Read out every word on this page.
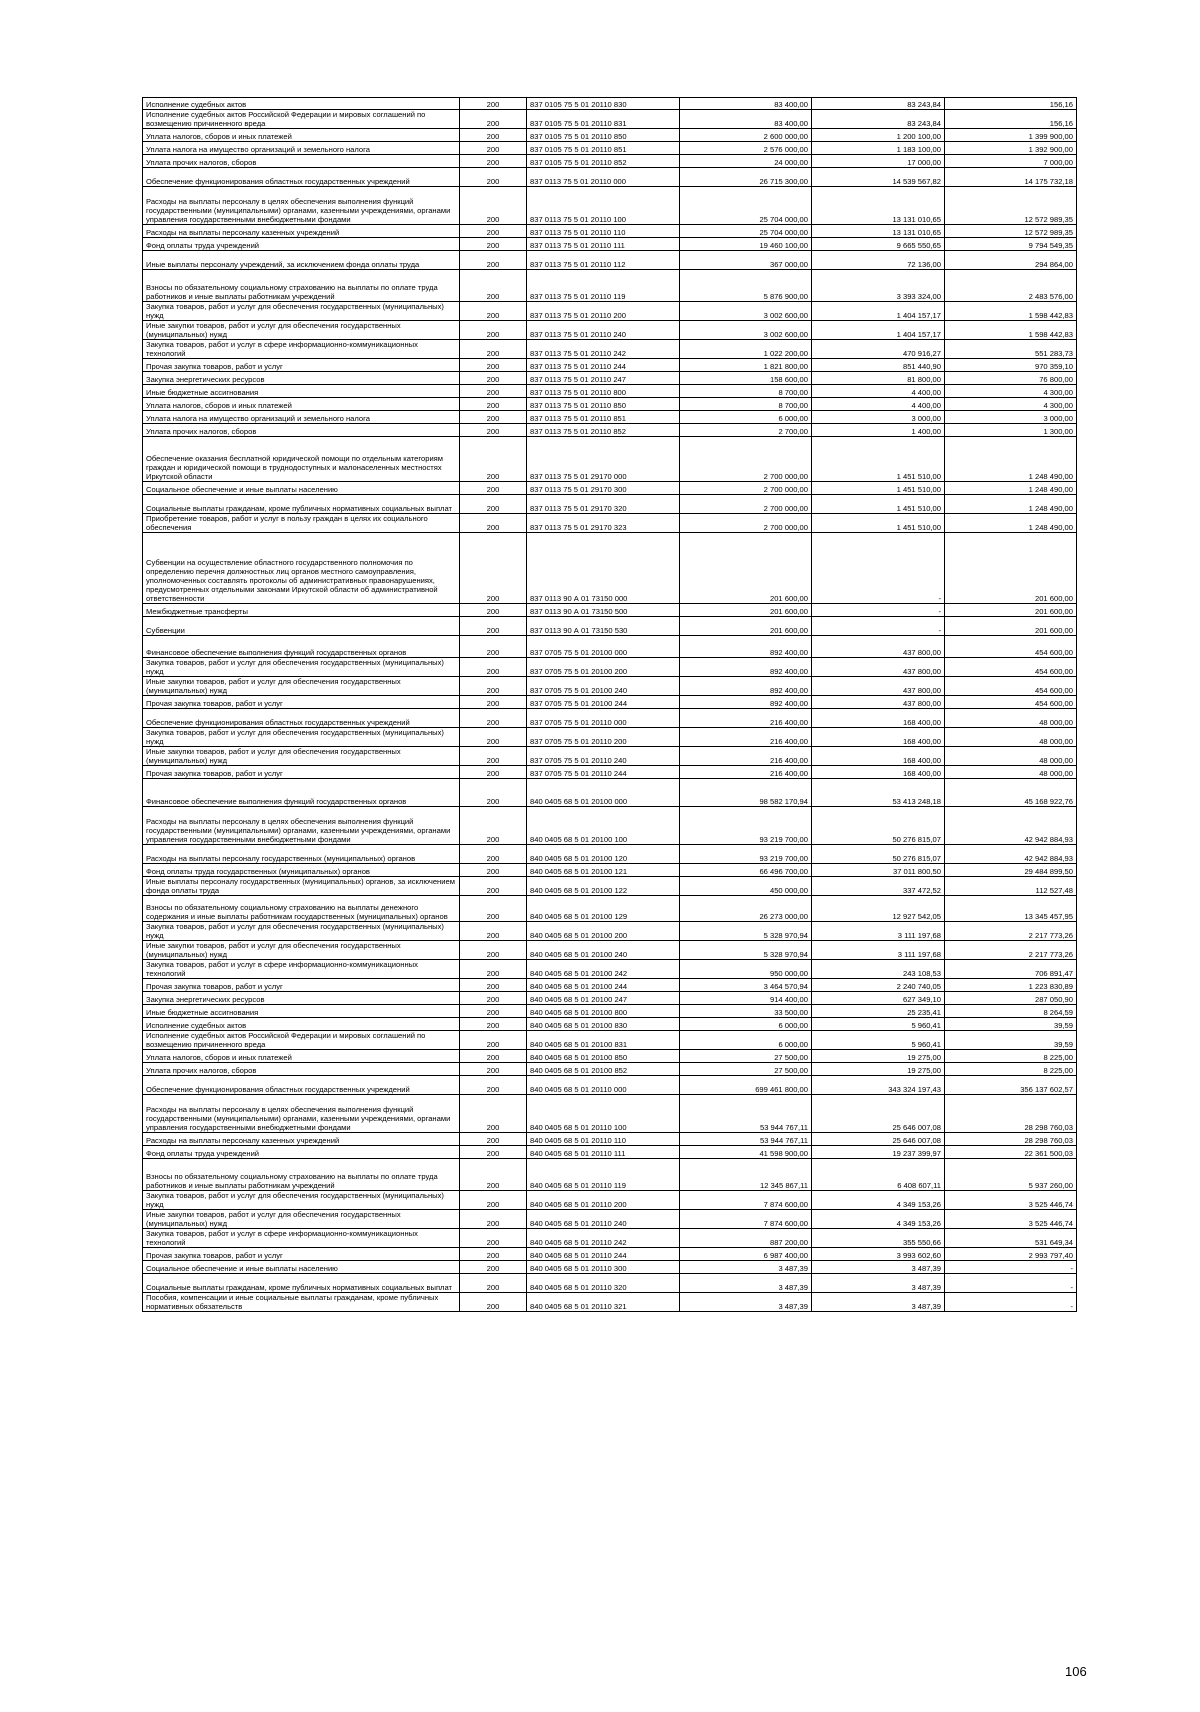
Исполнение судебных актов	200	837 0105 75 5 01 20110 830	83 400,00	83 243,84	156,16
Исполнение судебных актов Российской Федерации и мировых соглашений по возмещению причиненного вреда	200	837 0105 75 5 01 20110 831	83 400,00	83 243,84	156,16
Уплата налогов, сборов и иных платежей	200	837 0105 75 5 01 20110 850	2 600 000,00	1 200 100,00	1 399 900,00
Уплата налога на имущество организаций и земельного налога	200	837 0105 75 5 01 20110 851	2 576 000,00	1 183 100,00	1 392 900,00
Уплата прочих налогов, сборов	200	837 0105 75 5 01 20110 852	24 000,00	17 000,00	7 000,00
Обеспечение функционирования областных государственных учреждений	200	837 0113 75 5 01 20110 000	26 715 300,00	14 539 567,82	14 175 732,18
Расходы на выплаты персоналу в целях обеспечения выполнения функций государственными (муниципальными) органами, казенными учреждениями, органами управления государственными внебюджетными фондами	200	837 0113 75 5 01 20110 100	25 704 000,00	13 131 010,65	12 572 989,35
Расходы на выплаты персоналу казенных учреждений	200	837 0113 75 5 01 20110 110	25 704 000,00	13 131 010,65	12 572 989,35
Фонд оплаты труда учреждений	200	837 0113 75 5 01 20110 111	19 460 100,00	9 665 550,65	9 794 549,35
Иные выплаты персоналу учреждений, за исключением фонда оплаты труда	200	837 0113 75 5 01 20110 112	367 000,00	72 136,00	294 864,00

Взносы по обязательному социальному страхованию на выплаты по оплате труда работников и иные выплаты работникам учреждений	200	837 0113 75 5 01 20110 119	5 876 900,00	3 393 324,00	2 483 576,00
Закупка товаров, работ и услуг для обеспечения государственных (муниципальных) нужд	200	837 0113 75 5 01 20110 200	3 002 600,00	1 404 157,17	1 598 442,83
Иные закупки товаров, работ и услуг для обеспечения государственных (муниципальных) нужд	200	837 0113 75 5 01 20110 240	3 002 600,00	1 404 157,17	1 598 442,83
Закупка товаров, работ и услуг в сфере информационно-коммуникационных технологий	200	837 0113 75 5 01 20110 242	1 022 200,00	470 916,27	551 283,73
Прочая закупка товаров, работ и услуг	200	837 0113 75 5 01 20110 244	1 821 800,00	851 440,90	970 359,10
Закупка энергетических ресурсов	200	837 0113 75 5 01 20110 247	158 600,00	81 800,00	76 800,00
Иные бюджетные ассигнования	200	837 0113 75 5 01 20110 800	8 700,00	4 400,00	4 300,00
Уплата налогов, сборов и иных платежей	200	837 0113 75 5 01 20110 850	8 700,00	4 400,00	4 300,00
Уплата налога на имущество организаций и земельного налога	200	837 0113 75 5 01 20110 851	6 000,00	3 000,00	3 000,00
Уплата прочих налогов, сборов	200	837 0113 75 5 01 20110 852	2 700,00	1 400,00	1 300,00

Обеспечение оказания бесплатной юридической помощи по отдельным категориям граждан и юридической помощи в труднодоступных и малонаселенных местностях Иркутской области	200	837 0113 75 5 01 29170 000	2 700 000,00	1 451 510,00	1 248 490,00
Социальное обеспечение и иные выплаты населению	200	837 0113 75 5 01 29170 300	2 700 000,00	1 451 510,00	1 248 490,00
Социальные выплаты гражданам, кроме публичных нормативных социальных выплат	200	837 0113 75 5 01 29170 320	2 700 000,00	1 451 510,00	1 248 490,00
Приобретение товаров, работ и услуг в пользу граждан в целях их социального обеспечения	200	837 0113 75 5 01 29170 323	2 700 000,00	1 451 510,00	1 248 490,00

Субвенции на осуществление областного государственного полномочия по определению перечня должностных лиц органов местного самоуправления, уполномоченных составлять протоколы об административных правонарушениях, предусмотренных отдельными законами Иркутской области об административной ответственности	200	837 0113 90 А 01 73150 000	201 600,00	-	201 600,00
Межбюджетные трансферты	200	837 0113 90 А 01 73150 500	201 600,00	-	201 600,00
Субвенции	200	837 0113 90 А 01 73150 530	201 600,00	-	201 600,00

Финансовое обеспечение выполнения функций государственных органов	200	837 0705 75 5 01 20100 000	892 400,00	437 800,00	454 600,00
Закупка товаров, работ и услуг для обеспечения государственных (муниципальных) нужд	200	837 0705 75 5 01 20100 200	892 400,00	437 800,00	454 600,00
Иные закупки товаров, работ и услуг для обеспечения государственных (муниципальных) нужд	200	837 0705 75 5 01 20100 240	892 400,00	437 800,00	454 600,00
Прочая закупка товаров, работ и услуг	200	837 0705 75 5 01 20100 244	892 400,00	437 800,00	454 600,00
Обеспечение функционирования областных государственных учреждений	200	837 0705 75 5 01 20110 000	216 400,00	168 400,00	48 000,00
Закупка товаров, работ и услуг для обеспечения государственных (муниципальных) нужд	200	837 0705 75 5 01 20110 200	216 400,00	168 400,00	48 000,00
Иные закупки товаров, работ и услуг для обеспечения государственных (муниципальных) нужд	200	837 0705 75 5 01 20110 240	216 400,00	168 400,00	48 000,00
Прочая закупка товаров, работ и услуг	200	837 0705 75 5 01 20110 244	216 400,00	168 400,00	48 000,00

Финансовое обеспечение выполнения функций государственных органов	200	840 0405 68 5 01 20100 000	98 582 170,94	53 413 248,18	45 168 922,76
Расходы на выплаты персоналу в целях обеспечения выполнения функций государственными (муниципальными) органами, казенными учреждениями, органами управления государственными внебюджетными фондами	200	840 0405 68 5 01 20100 100	93 219 700,00	50 276 815,07	42 942 884,93
Расходы на выплаты персоналу государственных (муниципальных) органов	200	840 0405 68 5 01 20100 120	93 219 700,00	50 276 815,07	42 942 884,93
Фонд оплаты труда государственных (муниципальных) органов	200	840 0405 68 5 01 20100 121	66 496 700,00	37 011 800,50	29 484 899,50
Иные выплаты персоналу государственных (муниципальных) органов, за исключением фонда оплаты труда	200	840 0405 68 5 01 20100 122	450 000,00	337 472,52	112 527,48
Взносы по обязательному социальному страхованию на выплаты денежного содержания и иные выплаты работникам государственных (муниципальных) органов	200	840 0405 68 5 01 20100 129	26 273 000,00	12 927 542,05	13 345 457,95
Закупка товаров, работ и услуг для обеспечения государственных (муниципальных) нужд	200	840 0405 68 5 01 20100 200	5 328 970,94	3 111 197,68	2 217 773,26
Иные закупки товаров, работ и услуг для обеспечения государственных (муниципальных) нужд	200	840 0405 68 5 01 20100 240	5 328 970,94	3 111 197,68	2 217 773,26
Закупка товаров, работ и услуг в сфере информационно-коммуникационных технологий	200	840 0405 68 5 01 20100 242	950 000,00	243 108,53	706 891,47
Прочая закупка товаров, работ и услуг	200	840 0405 68 5 01 20100 244	3 464 570,94	2 240 740,05	1 223 830,89
Закупка энергетических ресурсов	200	840 0405 68 5 01 20100 247	914 400,00	627 349,10	287 050,90
Иные бюджетные ассигнования	200	840 0405 68 5 01 20100 800	33 500,00	25 235,41	8 264,59
Исполнение судебных актов	200	840 0405 68 5 01 20100 830	6 000,00	5 960,41	39,59
Исполнение судебных актов Российской Федерации и мировых соглашений по возмещению причиненного вреда	200	840 0405 68 5 01 20100 831	6 000,00	5 960,41	39,59
Уплата налогов, сборов и иных платежей	200	840 0405 68 5 01 20100 850	27 500,00	19 275,00	8 225,00
Уплата прочих налогов, сборов	200	840 0405 68 5 01 20100 852	27 500,00	19 275,00	8 225,00
Обеспечение функционирования областных государственных учреждений	200	840 0405 68 5 01 20110 000	699 461 800,00	343 324 197,43	356 137 602,57
Расходы на выплаты персоналу в целях обеспечения выполнения функций государственными (муниципальными) органами, казенными учреждениями, органами управления государственными внебюджетными фондами	200	840 0405 68 5 01 20110 100	53 944 767,11	25 646 007,08	28 298 760,03
Расходы на выплаты персоналу казенных учреждений	200	840 0405 68 5 01 20110 110	53 944 767,11	25 646 007,08	28 298 760,03
Фонд оплаты труда учреждений	200	840 0405 68 5 01 20110 111	41 598 900,00	19 237 399,97	22 361 500,03

Взносы по обязательному социальному страхованию на выплаты по оплате труда работников и иные выплаты работникам учреждений	200	840 0405 68 5 01 20110 119	12 345 867,11	6 408 607,11	5 937 260,00
Закупка товаров, работ и услуг для обеспечения государственных (муниципальных) нужд	200	840 0405 68 5 01 20110 200	7 874 600,00	4 349 153,26	3 525 446,74
Иные закупки товаров, работ и услуг для обеспечения государственных (муниципальных) нужд	200	840 0405 68 5 01 20110 240	7 874 600,00	4 349 153,26	3 525 446,74
Закупка товаров, работ и услуг в сфере информационно-коммуникационных технологий	200	840 0405 68 5 01 20110 242	887 200,00	355 550,66	531 649,34
Прочая закупка товаров, работ и услуг	200	840 0405 68 5 01 20110 244	6 987 400,00	3 993 602,60	2 993 797,40
Социальное обеспечение и иные выплаты населению	200	840 0405 68 5 01 20110 300	3 487,39	3 487,39	-
Социальные выплаты гражданам, кроме публичных нормативных социальных выплат	200	840 0405 68 5 01 20110 320	3 487,39	3 487,39	-
Пособия, компенсации и иные социальные выплаты гражданам, кроме публичных нормативных обязательств	200	840 0405 68 5 01 20110 321	3 487,39	3 487,39	-
106
